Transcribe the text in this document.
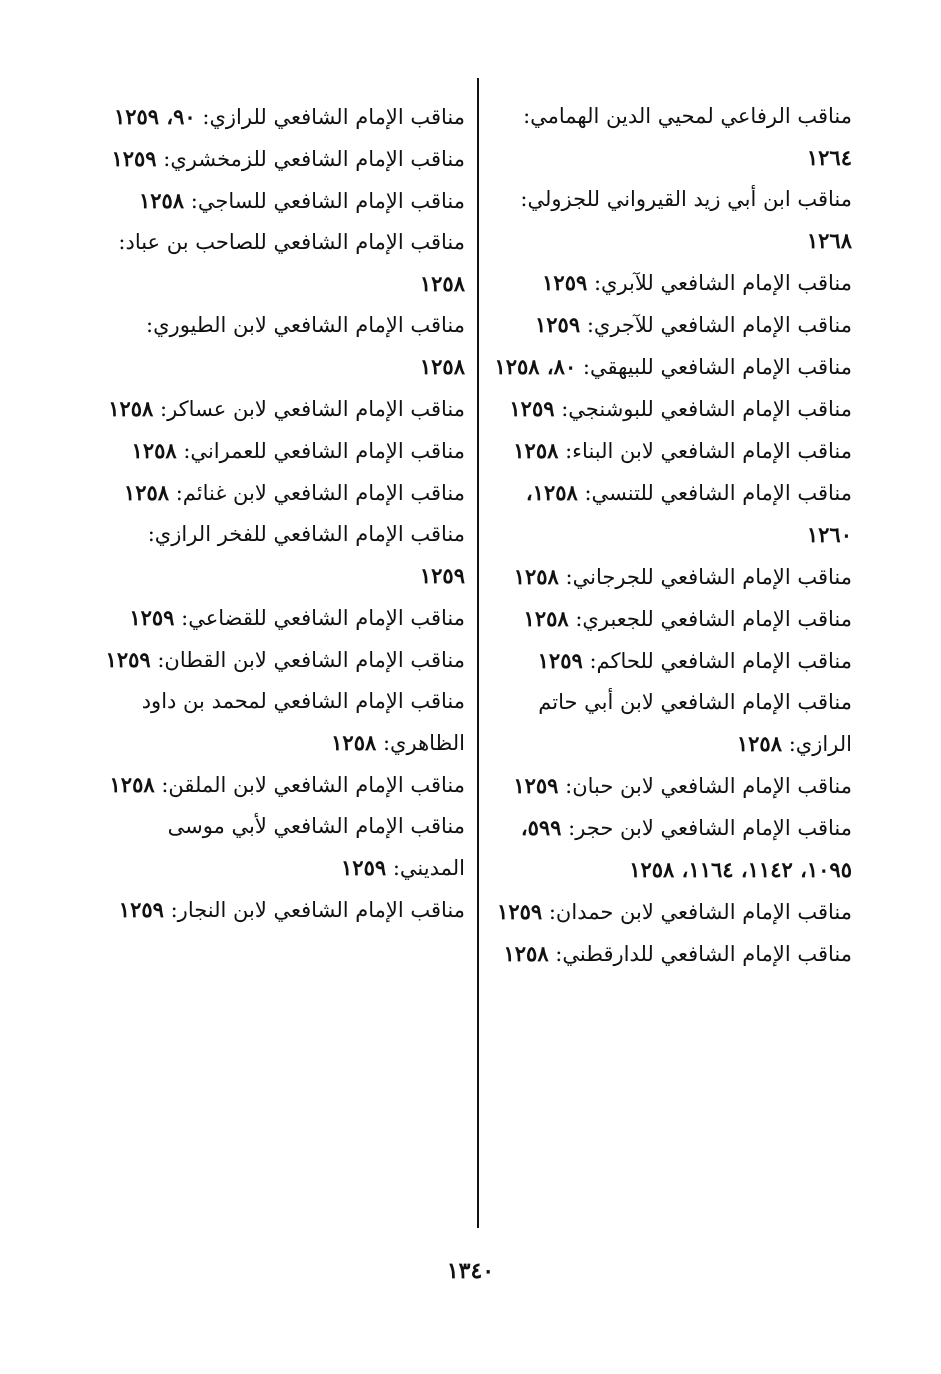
مناقب الرفاعي لمحيي الدين الهمامي: ١٢٦٤

مناقب ابن أبي زيد القيرواني للجزولي: ١٢٦٨

مناقب الإمام الشافعي للآبري: ١٢٥٩

مناقب الإمام الشافعي للآجري: ١٢٥٩

مناقب الإمام الشافعي للبيهقي: ٨٠، ١٢٥٨

مناقب الإمام الشافعي للبوشنجي: ١٢٥٩

مناقب الإمام الشافعي لابن البناء: ١٢٥٨

مناقب الإمام الشافعي للتنسي: ١٢٥٨، ١٢٦٠

مناقب الإمام الشافعي للجرجاني: ١٢٥٨

مناقب الإمام الشافعي للجعبري: ١٢٥٨

مناقب الإمام الشافعي للحاكم: ١٢٥٩

مناقب الإمام الشافعي لابن أبي حاتم الرازي: ١٢٥٨

مناقب الإمام الشافعي لابن حبان: ١٢٥٩

مناقب الإمام الشافعي لابن حجر: ٥٩٩، ١٠٩٥، ١١٤٢، ١١٦٤، ١٢٥٨

مناقب الإمام الشافعي لابن حمدان: ١٢٥٩

مناقب الإمام الشافعي للدارقطني: ١٢٥٨

مناقب الإمام الشافعي للرازي: ٩٠، ١٢٥٩

مناقب الإمام الشافعي للزمخشري: ١٢٥٩

مناقب الإمام الشافعي للساجي: ١٢٥٨

مناقب الإمام الشافعي للصاحب بن عباد: ١٢٥٨

مناقب الإمام الشافعي لابن الطيوري: ١٢٥٨

مناقب الإمام الشافعي لابن عساكر: ١٢٥٨

مناقب الإمام الشافعي للعمراني: ١٢٥٨

مناقب الإمام الشافعي لابن غنائم: ١٢٥٨

مناقب الإمام الشافعي للفخر الرازي: ١٢٥٩

مناقب الإمام الشافعي للقضاعي: ١٢٥٩

مناقب الإمام الشافعي لابن القطان: ١٢٥٩

مناقب الإمام الشافعي لمحمد بن داود الظاهري: ١٢٥٨

مناقب الإمام الشافعي لابن الملقن: ١٢٥٨

مناقب الإمام الشافعي لأبي موسى المديني: ١٢٥٩

مناقب الإمام الشافعي لابن النجار: ١٢٥٩

١٣٤٠
